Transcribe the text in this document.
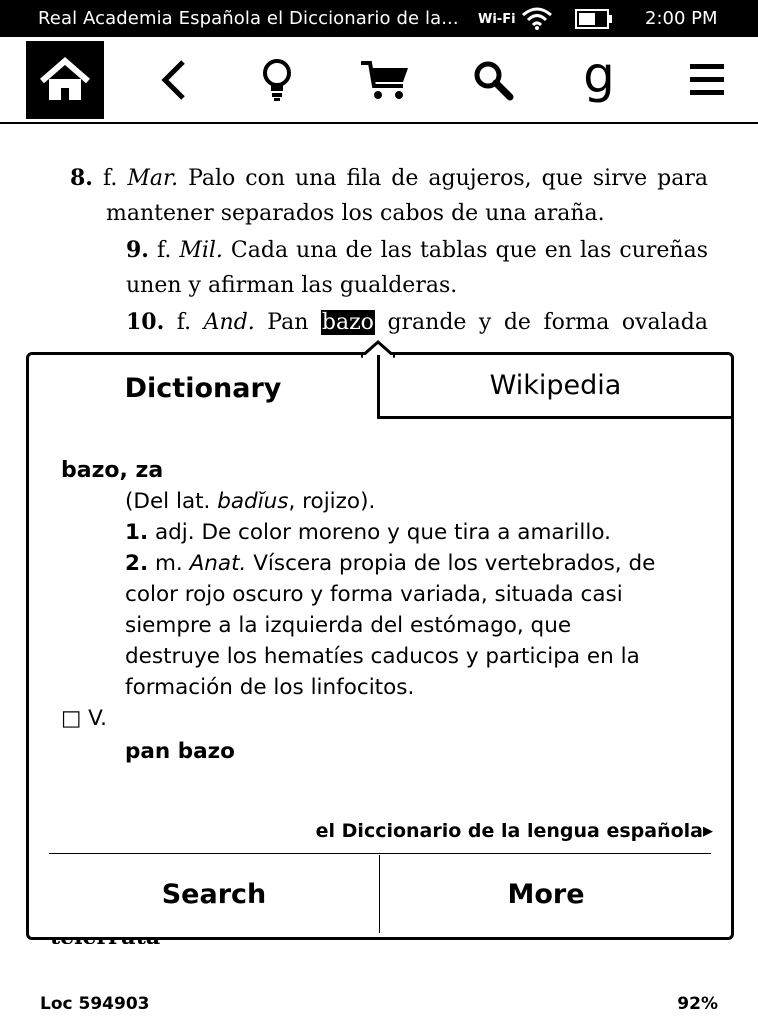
Real Academia Española el Diccionario de la... Wi-Fi	2:00 PM
g
8. f. Mar. Palo con una fila de agujeros, que sirve para
mantener separados los cabos de una araña.
9. f. Mil. Cada una de las tablas que en las cureñas
unen y afirman las gualderas.
10. f. And. Pan bazo grande y de forma ovalada
Dictionary	Wikipedia
bazo, za
(Del lat. badĭus, rojizo).
1. adj. De color moreno y que tira a amarillo.
2. m. Anat. Víscera propia de los vertebrados, de
color rojo oscuro y forma variada, situada casi
siempre a la izquierda del estómago, que
destruye los hematíes caducos y participa en la
formación de los linfocitos.
□ V.
pan bazo
el Diccionario de la lengua española▶
Search	More
Loc 594903	92%
